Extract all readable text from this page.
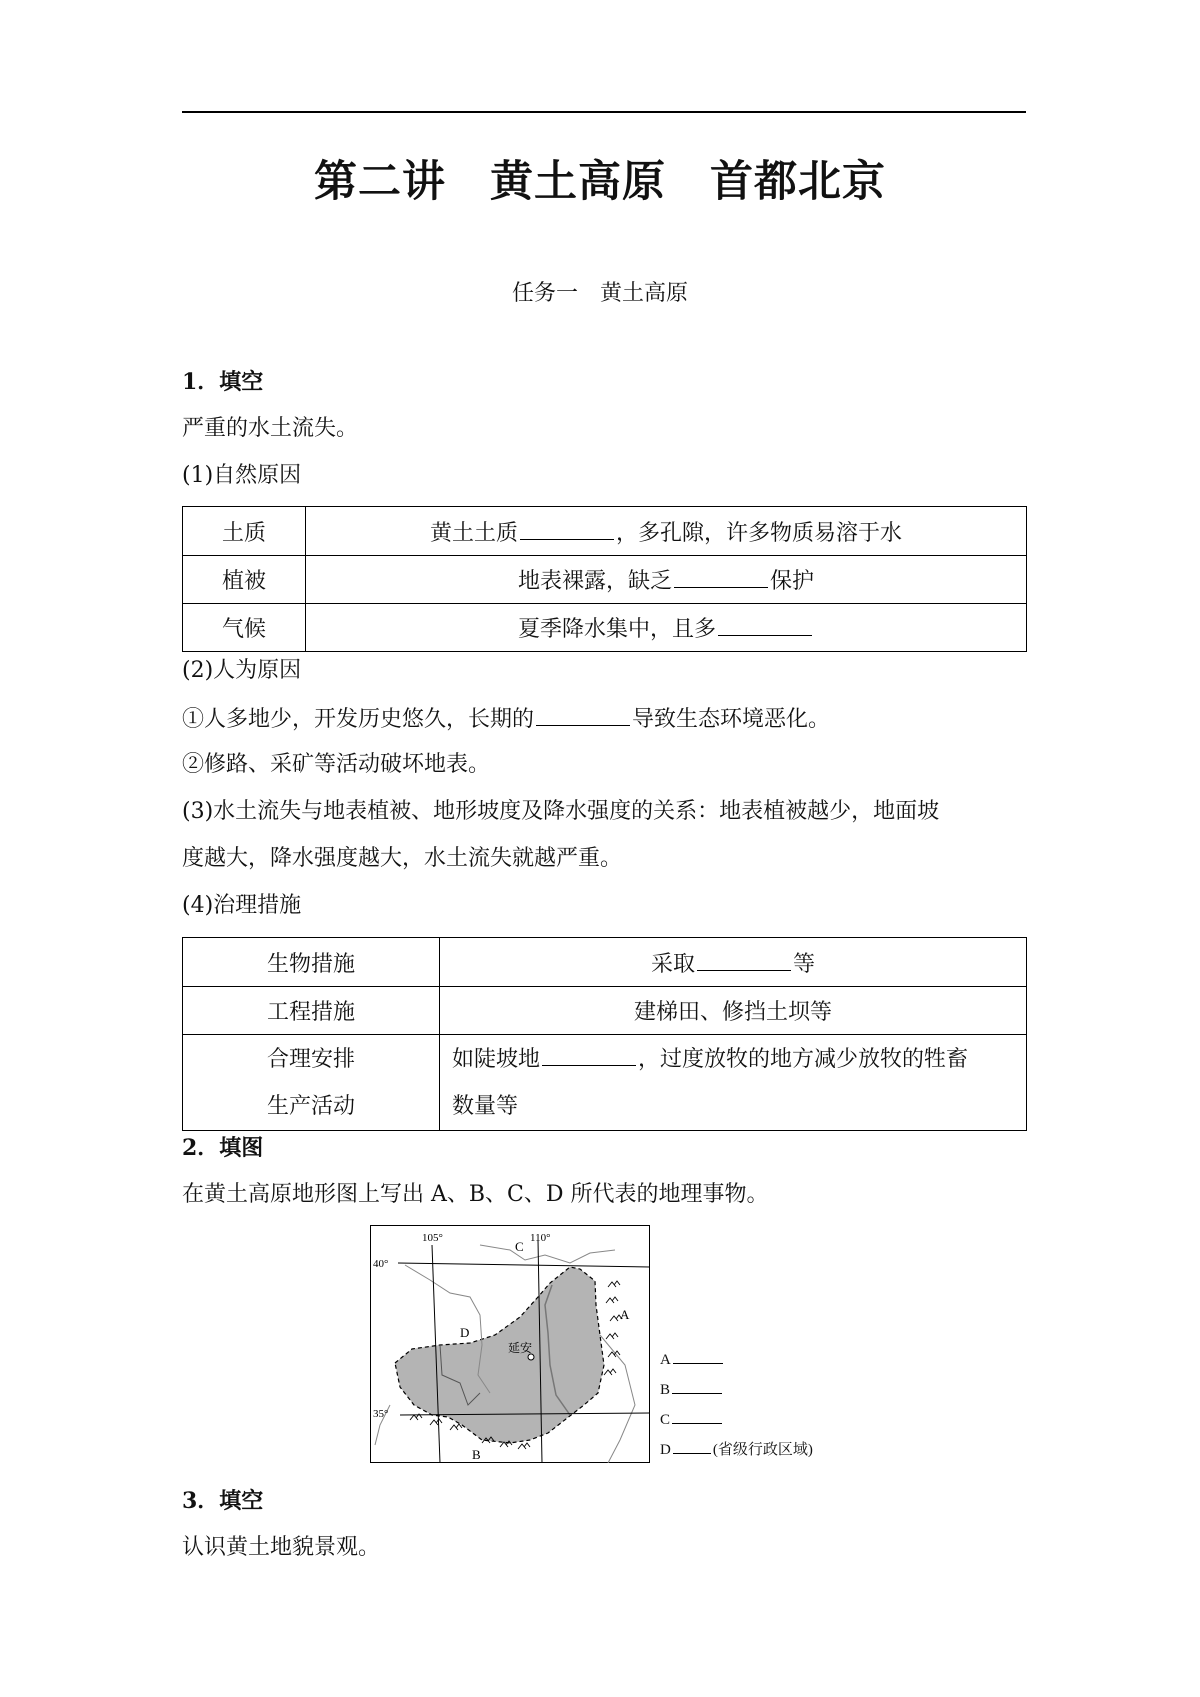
第二讲　黄土高原　首都北京
任务一　黄土高原
1．填空
严重的水土流失。
(1)自然原因
土质	黄土土质 ，多孔隙，许多物质易溶于水
植被	地表裸露，缺乏 保护
气候	夏季降水集中，且多
(2)人为原因
①人多地少，开发历史悠久，长期的	导致生态环境恶化。
②修路、采矿等活动破坏地表。
(3)水土流失与地表植被、地形坡度及降水强度的关系：地表植被越少，地面坡
度越大，降水强度越大，水土流失就越严重。
(4)治理措施
生物措施	采取 等
工程措施	建梯田、修挡土坝等
合理安排
生产活动	如陡坡地 ，过度放牧的地方减少放牧的牲畜
数量等
2．填图
在黄土高原地形图上写出 A、B、C、D 所代表的地理事物。
延安
105°	110°
40°
35°
C
A
D
B
A
B
C
D	(省级行政区域)
3．填空
认识黄土地貌景观。
